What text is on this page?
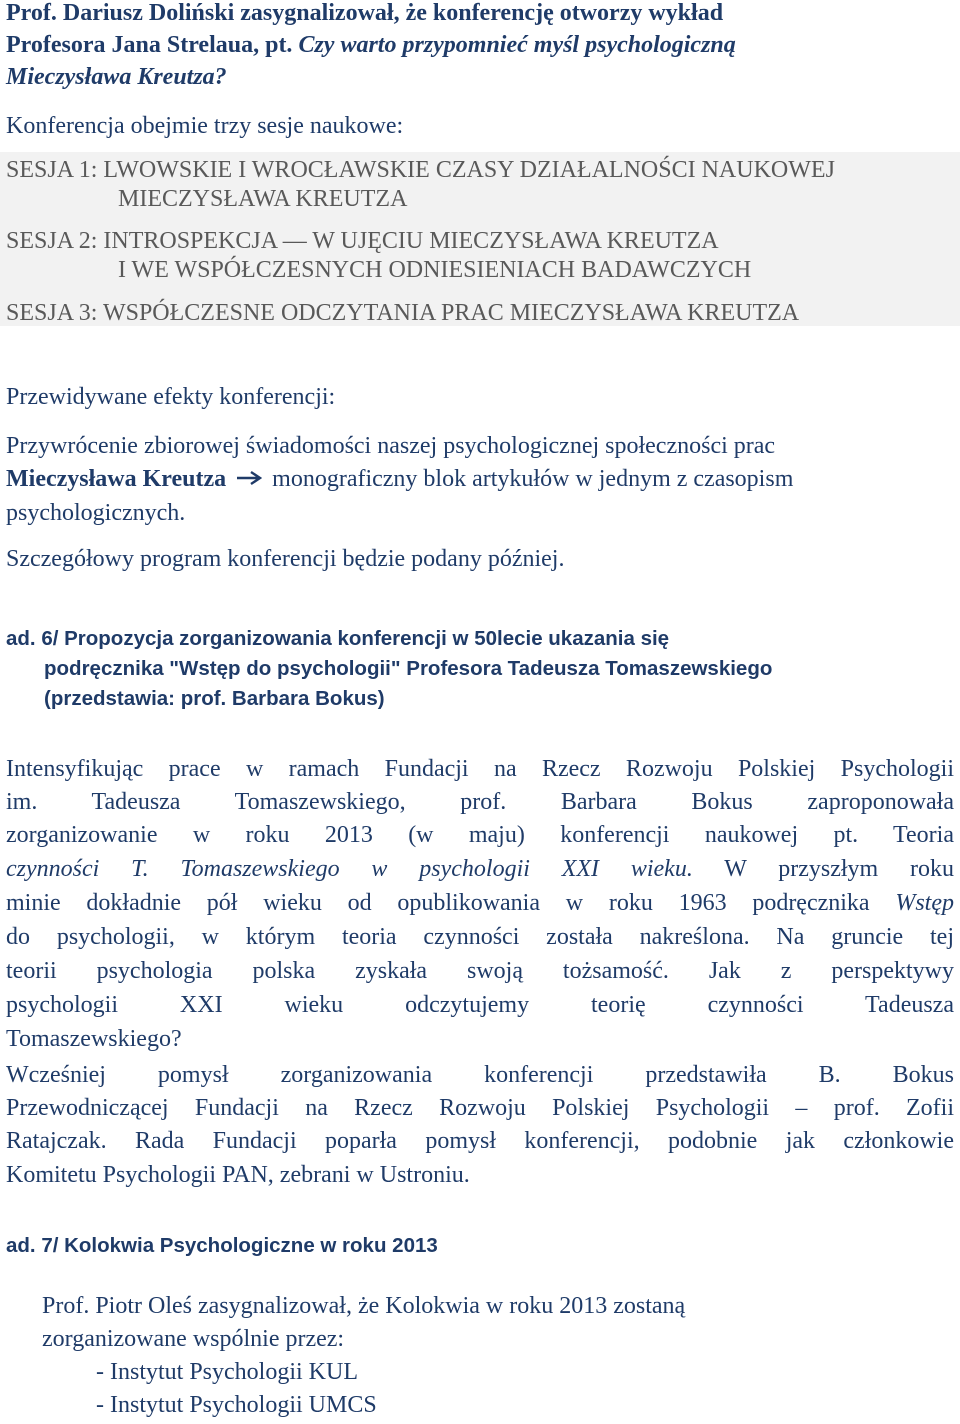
Prof. Dariusz Doliński zasygnalizował, że konferencję otworzy wykład
Profesora Jana Strelaua, pt. Czy warto przypomnieć myśl psychologiczną
Mieczysława Kreutza?
Konferencja obejmie trzy sesje naukowe:
SESJA 1: LWOWSKIE I WROCŁAWSKIE CZASY DZIAŁALNOŚCI NAUKOWEJ
MIECZYSŁAWA KREUTZA
SESJA 2: INTROSPEKCJA — W UJĘCIU MIECZYSŁAWA KREUTZA
I WE WSPÓŁCZESNYCH ODNIESIENIACH BADAWCZYCH
SESJA 3: WSPÓŁCZESNE ODCZYTANIA PRAC MIECZYSŁAWA KREUTZA
Przewidywane efekty konferencji:
Przywrócenie zbiorowej świadomości naszej psychologicznej społeczności prac
Mieczysława Kreutza monograficzny blok artykułów w jednym z czasopism
psychologicznych.
Szczegółowy program konferencji będzie podany później.
ad. 6/ Propozycja zorganizowania konferencji w 50lecie ukazania się
podręcznika "Wstęp do psychologii" Profesora Tadeusza Tomaszewskiego
(przedstawia: prof. Barbara Bokus)
Intensyfikując prace w ramach Fundacji na Rzecz Rozwoju Polskiej Psychologii
im. Tadeusza Tomaszewskiego, prof. Barbara Bokus zaproponowała
zorganizowanie w roku 2013 (w maju) konferencji naukowej pt. Teoria
czynności T. Tomaszewskiego w psychologii XXI wieku. W przyszłym roku
minie dokładnie pół wieku od opublikowania w roku 1963 podręcznika Wstęp
do psychologii, w którym teoria czynności została nakreślona. Na gruncie tej
teorii psychologia polska zyskała swoją tożsamość. Jak z perspektywy
psychologii XXI wieku odczytujemy teorię czynności Tadeusza
Tomaszewskiego?
Wcześniej pomysł zorganizowania konferencji przedstawiła B. Bokus
Przewodniczącej Fundacji na Rzecz Rozwoju Polskiej Psychologii – prof. Zofii
Ratajczak. Rada Fundacji poparła pomysł konferencji, podobnie jak członkowie
Komitetu Psychologii PAN, zebrani w Ustroniu.
ad. 7/ Kolokwia Psychologiczne w roku 2013
Prof. Piotr Oleś zasygnalizował, że Kolokwia w roku 2013 zostaną
zorganizowane wspólnie przez:
- Instytut Psychologii KUL
- Instytut Psychologii UMCS
